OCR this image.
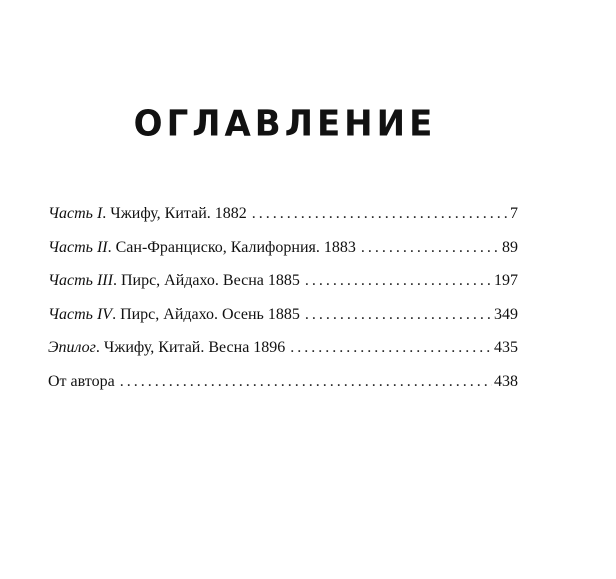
ОГЛАВЛЕНИЕ
Часть I . Чжифу, Китай. 1882 . . .	7
Часть II . Сан-Франциско, Калифорния. 1883 . . .	89
Часть III . Пирс, Айдахо. Весна 1885 . . .	197
Часть IV . Пирс, Айдахо. Осень 1885 . . .	349
Эпилог . Чжифу, Китай. Весна 1896 . . .	435
От автора . . .	438
